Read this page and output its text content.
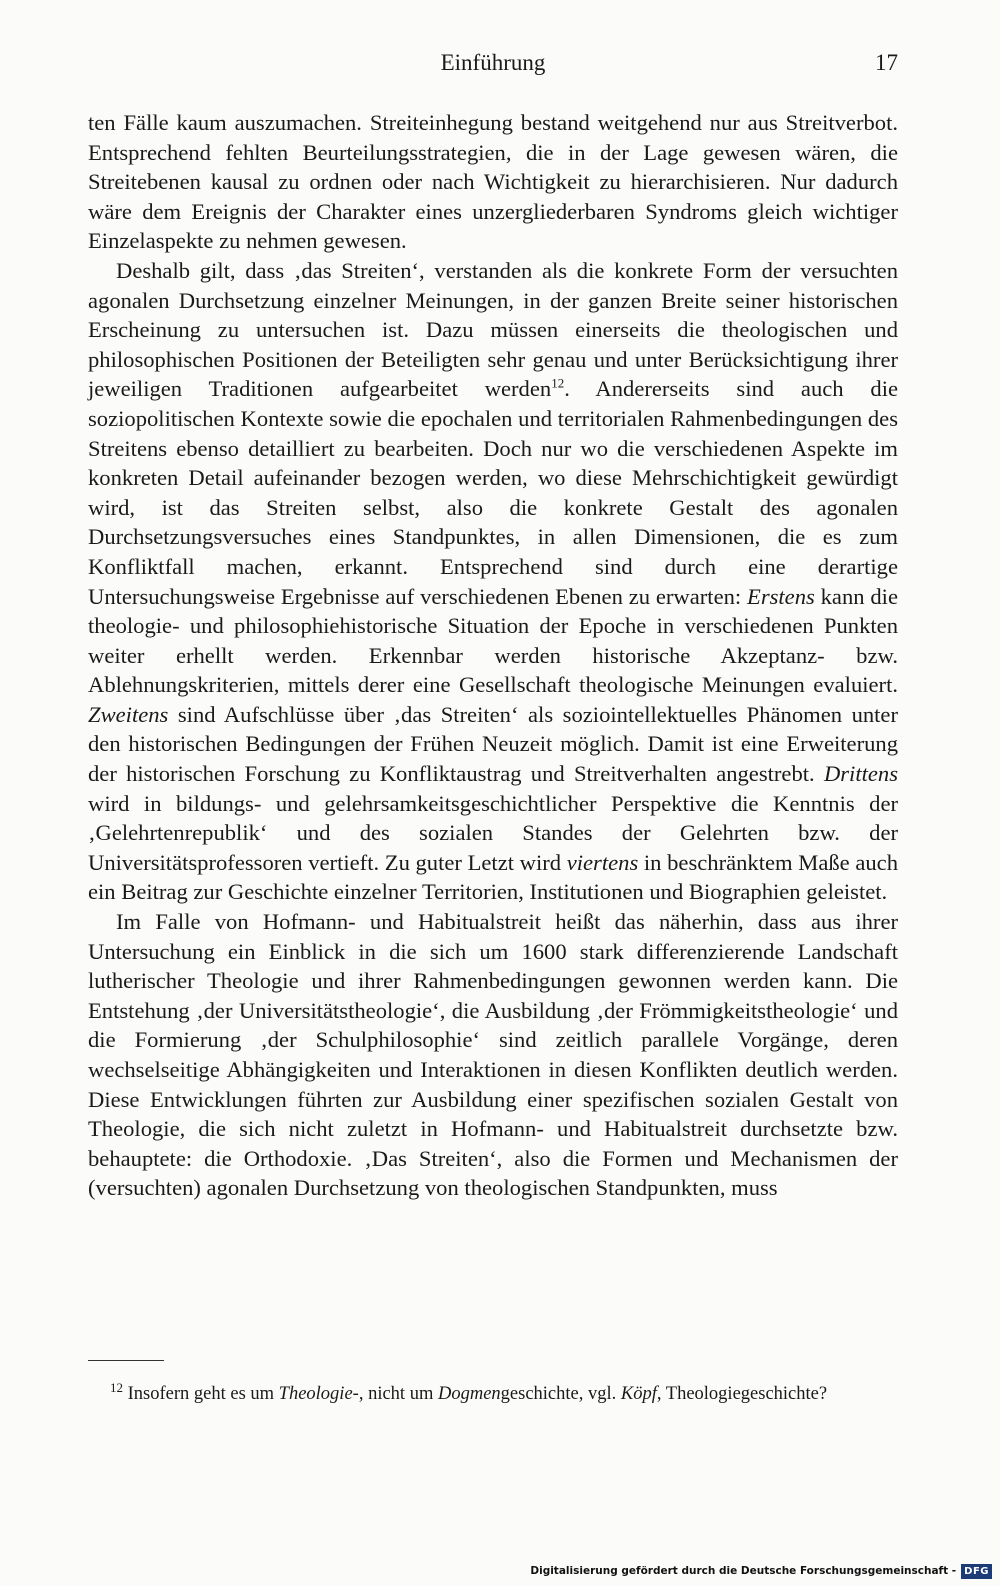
Einführung	17

ten Fälle kaum auszumachen. Streiteinhegung bestand weitgehend nur aus Streitverbot. Entsprechend fehlten Beurteilungsstrategien, die in der Lage gewesen wären, die Streitebenen kausal zu ordnen oder nach Wichtigkeit zu hierarchisieren. Nur dadurch wäre dem Ereignis der Charakter eines unzergliederbaren Syndroms gleich wichtiger Einzelaspekte zu nehmen gewesen.

Deshalb gilt, dass ‚das Streiten‘, verstanden als die konkrete Form der versuchten agonalen Durchsetzung einzelner Meinungen, in der ganzen Breite seiner historischen Erscheinung zu untersuchen ist. Dazu müssen einerseits die theologischen und philosophischen Positionen der Beteiligten sehr genau und unter Berücksichtigung ihrer jeweiligen Traditionen aufgearbeitet werden$^{12}$. Andererseits sind auch die soziopolitischen Kontexte sowie die epochalen und territorialen Rahmenbedingungen des Streitens ebenso detailliert zu bearbeiten. Doch nur wo die verschiedenen Aspekte im konkreten Detail aufeinander bezogen werden, wo diese Mehrschichtigkeit gewürdigt wird, ist das Streiten selbst, also die konkrete Gestalt des agonalen Durchsetzungsversuches eines Standpunktes, in allen Dimensionen, die es zum Konfliktfall machen, erkannt. Entsprechend sind durch eine derartige Untersuchungsweise Ergebnisse auf verschiedenen Ebenen zu erwarten: Erstens kann die theologie- und philosophiehistorische Situation der Epoche in verschiedenen Punkten weiter erhellt werden. Erkennbar werden historische Akzeptanz- bzw. Ablehnungskriterien, mittels derer eine Gesellschaft theologische Meinungen evaluiert. Zweitens sind Aufschlüsse über ‚das Streiten‘ als soziointellektuelles Phänomen unter den historischen Bedingungen der Frühen Neuzeit möglich. Damit ist eine Erweiterung der historischen Forschung zu Konfliktaustrag und Streitverhalten angestrebt. Drittens wird in bildungs- und gelehrsamkeitsgeschichtlicher Perspektive die Kenntnis der ‚Gelehrtenrepublik‘ und des sozialen Standes der Gelehrten bzw. der Universitätsprofessoren vertieft. Zu guter Letzt wird viertens in beschränktem Maße auch ein Beitrag zur Geschichte einzelner Territorien, Institutionen und Biographien geleistet.

Im Falle von Hofmann- und Habitualstreit heißt das näherhin, dass aus ihrer Untersuchung ein Einblick in die sich um 1600 stark differenzierende Landschaft lutherischer Theologie und ihrer Rahmenbedingungen gewonnen werden kann. Die Entstehung ‚der Universitätstheologie‘, die Ausbildung ‚der Frömmigkeitstheologie‘ und die Formierung ‚der Schulphilosophie‘ sind zeitlich parallele Vorgänge, deren wechselseitige Abhängigkeiten und Interaktionen in diesen Konflikten deutlich werden. Diese Entwicklungen führten zur Ausbildung einer spezifischen sozialen Gestalt von Theologie, die sich nicht zuletzt in Hofmann- und Habitualstreit durchsetzte bzw. behauptete: die Orthodoxie. ‚Das Streiten‘, also die Formen und Mechanismen der (versuchten) agonalen Durchsetzung von theologischen Standpunkten, muss

$^{12}$ Insofern geht es um Theologie-, nicht um Dogmengeschichte, vgl. Köpf, Theologiegeschichte?
Digitalisierung gefördert durch die Deutsche Forschungsgemeinschaft - DFG
